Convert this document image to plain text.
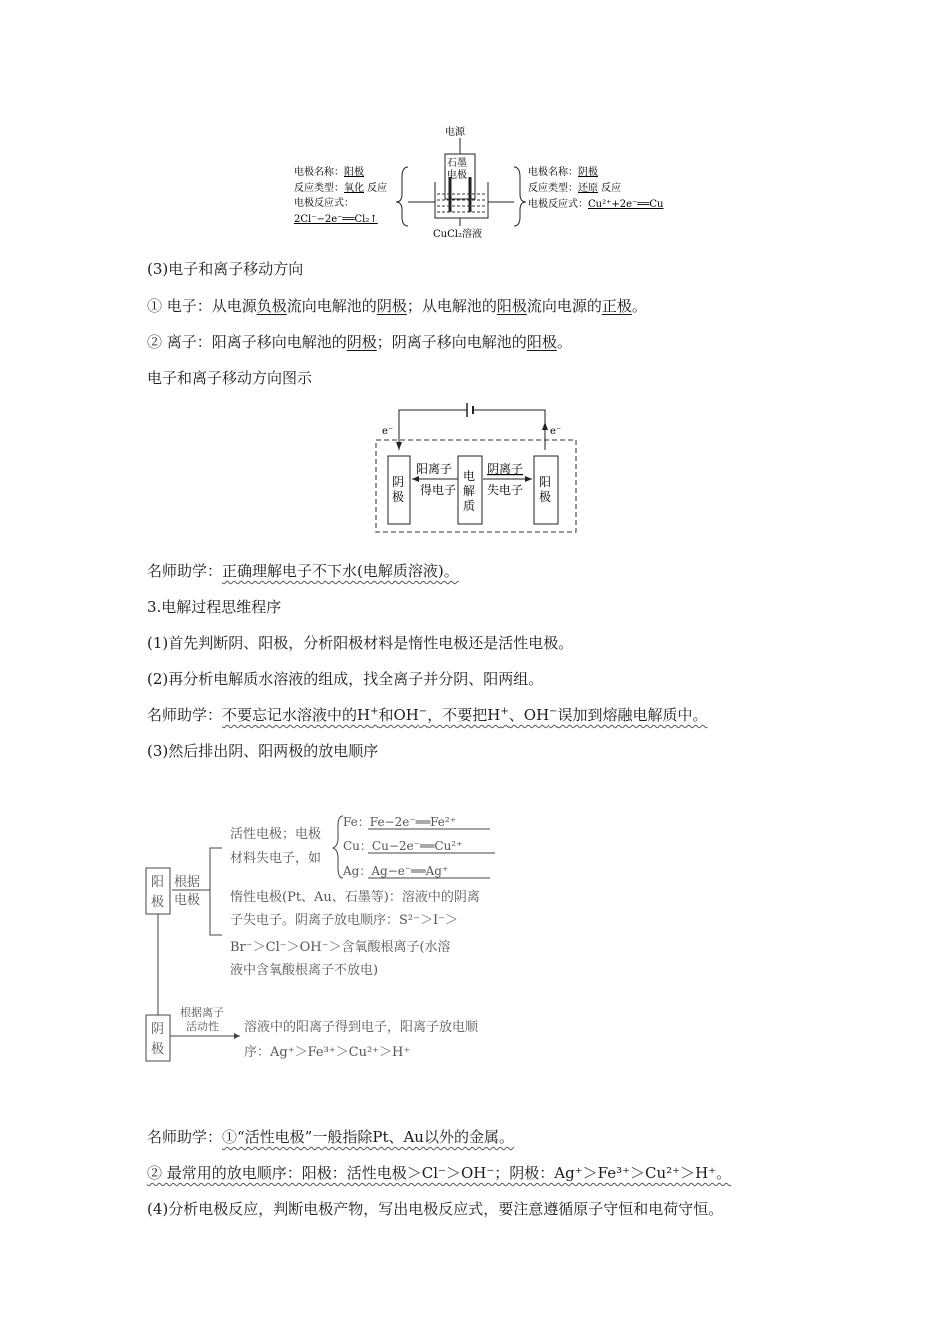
电源
石墨
电极
CuCl₂溶液
电极名称：阳极
反应类型：氧化 反应
电极反应式：
2Cl⁻−2e⁻══Cl₂↑
电极名称：阴极
反应类型：还原 反应
电极反应式：Cu²⁺+2e⁻══Cu
(3)电子和离子移动方向
① 电子：从电源负极流向电解池的阴极；从电解池的阳极流向电源的正极。
② 离子：阳离子移向电解池的阴极；阴离子移向电解池的阳极。
电子和离子移动方向图示
e⁻	e⁻
阴
极
电
解
质
阳
极
阳离子
得电子
阴离子
失电子
名师助学：正确理解电子不下水(电解质溶液)。
3.电解过程思维程序
(1)首先判断阴、阳极，分析阳极材料是惰性电极还是活性电极。
(2)再分析电解质水溶液的组成，找全离子并分阴、阳两组。
名师助学：不要忘记水溶液中的H+和OH−，不要把H+、OH−误加到熔融电解质中。
(3)然后排出阴、阳两极的放电顺序
阳
极
根据
电极
活性电极；电极
材料失电子，如
Fe：Fe−2e⁻══Fe²⁺
Cu：Cu−2e⁻══Cu²⁺
Ag：Ag−e⁻══Ag⁺
惰性电极(Pt、Au、石墨等)：溶液中的阴离
子失电子。阴离子放电顺序：S²⁻＞I⁻＞
Br⁻＞Cl⁻＞OH⁻＞含氧酸根离子(水溶
液中含氧酸根离子不放电)
阴
极
根据离子
活动性 溶液中的阳离子得到电子，阳离子放电顺
序：Ag⁺＞Fe³⁺＞Cu²⁺＞H⁺
名师助学：①“活性电极”一般指除Pt、Au以外的金属。
② 最常用的放电顺序：阳极：活性电极＞Cl⁻＞OH⁻；阴极：Ag⁺＞Fe³⁺＞Cu²⁺＞H⁺。
(4)分析电极反应，判断电极产物，写出电极反应式，要注意遵循原子守恒和电荷守恒。
